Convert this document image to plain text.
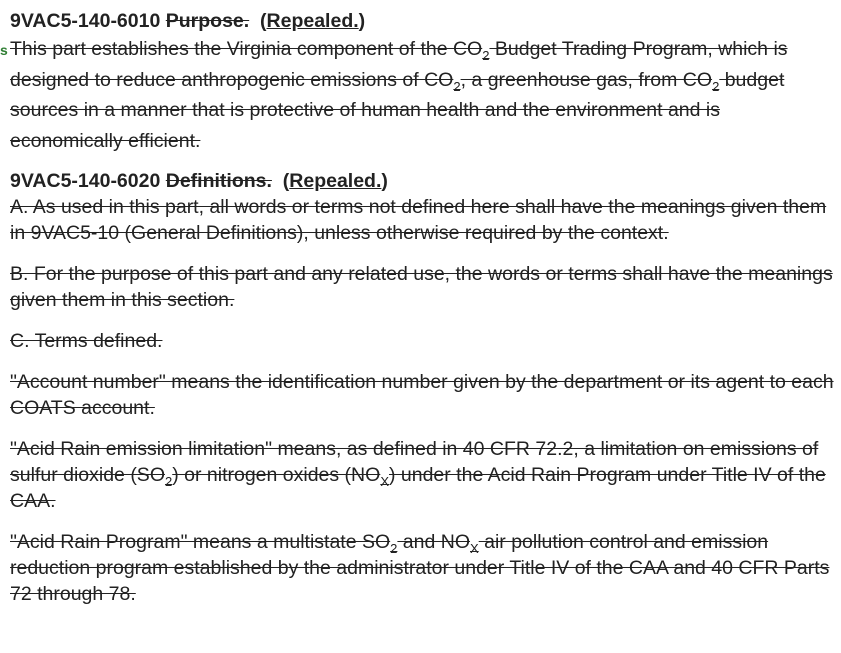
s
9VAC5-140-6010 Purpose.  (Repealed.)

This part establishes the Virginia component of the $CO_2$ Budget Trading Program, which is designed to reduce anthropogenic emissions of $CO_2$, a greenhouse gas, from $CO_2$ budget sources in a manner that is protective of human health and the environment and is economically efficient.

9VAC5-140-6020 Definitions.  (Repealed.)

A. As used in this part, all words or terms not defined here shall have the meanings given them in 9VAC5-10 (General Definitions), unless otherwise required by the context.

B. For the purpose of this part and any related use, the words or terms shall have the meanings given them in this section.

C. Terms defined.

"Account number" means the identification number given by the department or its agent to each COATS account.

"Acid Rain emission limitation" means, as defined in 40 CFR 72.2, a limitation on emissions of sulfur dioxide $(SO_2)$ or nitrogen oxides $(NO_X)$ under the Acid Rain Program under Title IV of the CAA.

"Acid Rain Program" means a multistate $SO_2$ and $NO_X$ air pollution control and emission reduction program established by the administrator under Title IV of the CAA and 40 CFR Parts 72 through 78.
